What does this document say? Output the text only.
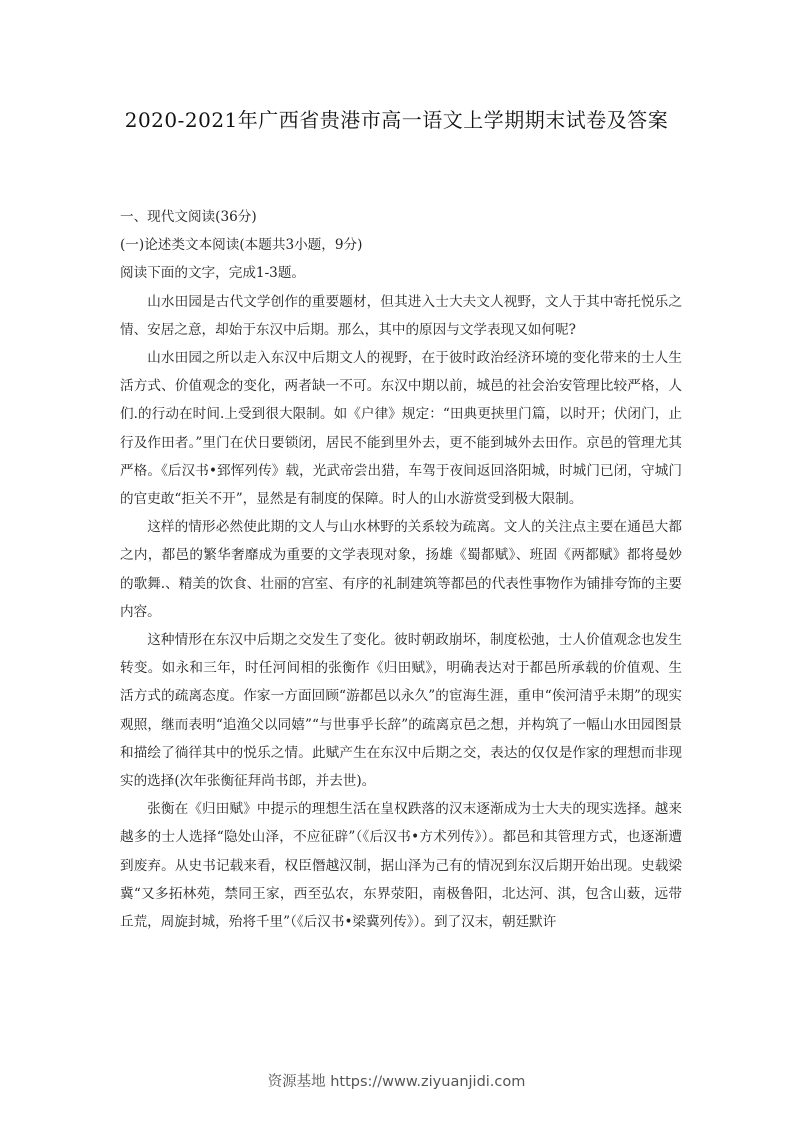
2020-2021年广西省贵港市高一语文上学期期末试卷及答案

一、现代文阅读(36分)

(一)论述类文本阅读(本题共3小题，9分)

阅读下面的文字，完成1-3题。

山水田园是古代文学创作的重要题材，但其进入士大夫文人视野，文人于其中寄托悦乐之情、安居之意，却始于东汉中后期。那么，其中的原因与文学表现又如何呢?

山水田园之所以走入东汉中后期文人的视野，在于彼时政治经济环境的变化带来的士人生活方式、价值观念的变化，两者缺一不可。东汉中期以前，城邑的社会治安管理比较严格，人们.的行动在时间.上受到很大限制。如《户律》规定：“田典更挟里门篇，以时开；伏闭门，止行及作田者。”里门在伏日要锁闭，居民不能到里外去，更不能到城外去田作。京邑的管理尤其严格。《后汉书•郅恽列传》载，光武帝尝出猎，车驾于夜间返回洛阳城，时城门已闭，守城门的官吏敢“拒关不开”，显然是有制度的保障。时人的山水游赏受到极大限制。

这样的情形必然使此期的文人与山水林野的关系较为疏离。文人的关注点主要在通邑大都之内，都邑的繁华奢靡成为重要的文学表现对象，扬雄《蜀都赋》、班固《两都赋》都将曼妙的歌舞.、精美的饮食、壮丽的宫室、有序的礼制建筑等都邑的代表性事物作为铺排夸饰的主要内容。

这种情形在东汉中后期之交发生了变化。彼时朝政崩坏，制度松弛，士人价值观念也发生转变。如永和三年，时任河间相的张衡作《归田赋》，明确表达对于都邑所承载的价值观、生活方式的疏离态度。作家一方面回顾“游都邑以永久”的宦海生涯，重申“俟河清乎未期”的现实观照，继而表明“追渔父以同嬉”“与世事乎长辞”的疏离京邑之想，并构筑了一幅山水田园图景和描绘了徜徉其中的悦乐之情。此赋产生在东汉中后期之交，表达的仅仅是作家的理想而非现实的选择(次年张衡征拜尚书郎，并去世)。

张衡在《归田赋》中提示的理想生活在皇权跌落的汉末逐渐成为士大夫的现实选择。越来越多的士人选择“隐处山泽，不应征辟”（《后汉书•方术列传》）。都邑和其管理方式，也逐渐遭到废弃。从史书记载来看，权臣僭越汉制，据山泽为己有的情况到东汉后期开始出现。史载梁冀“又多拓林苑，禁同王家，西至弘农，东界荥阳，南极鲁阳，北达河、淇，包含山薮，远带丘荒，周旋封城，殆将千里”（《后汉书•梁冀列传》）。到了汉末，朝廷默许

资源基地 https://www.ziyuanjidi.com
